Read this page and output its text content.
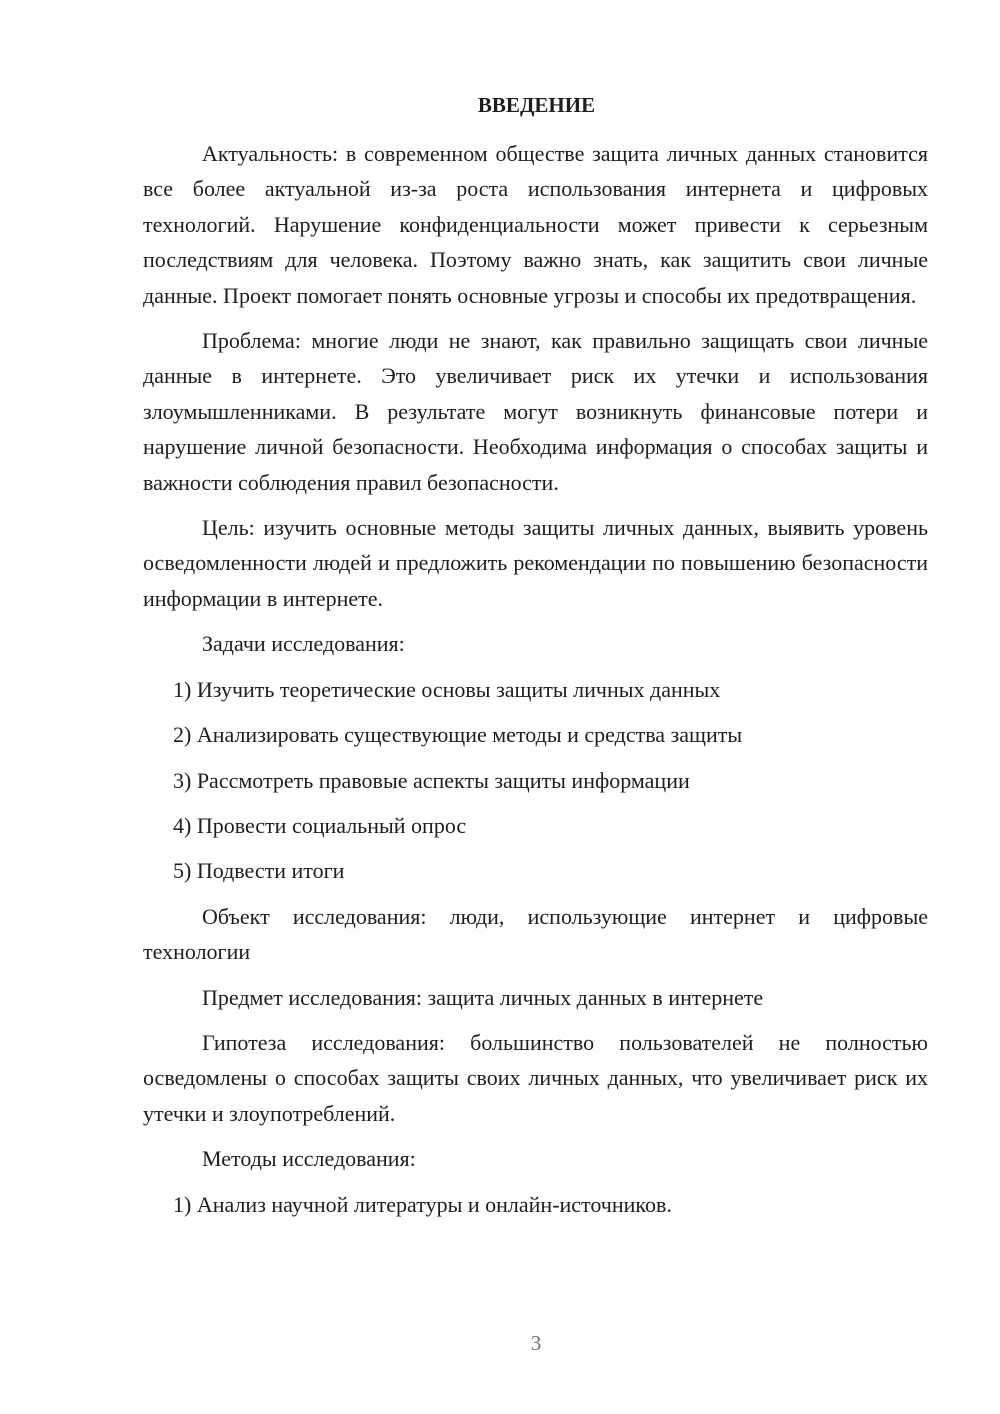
ВВЕДЕНИЕ

Актуальность: в современном обществе защита личных данных становится все более актуальной из-за роста использования интернета и цифровых технологий. Нарушение конфиденциальности может привести к серьезным последствиям для человека. Поэтому важно знать, как защитить свои личные данные. Проект помогает понять основные угрозы и способы их предотвращения.

Проблема: многие люди не знают, как правильно защищать свои личные данные в интернете. Это увеличивает риск их утечки и использования злоумышленниками. В результате могут возникнуть финансовые потери и нарушение личной безопасности. Необходима информация о способах защиты и важности соблюдения правил безопасности.

Цель: изучить основные методы защиты личных данных, выявить уровень осведомленности людей и предложить рекомендации по повышению безопасности информации в интернете.

Задачи исследования:

1) Изучить теоретические основы защиты личных данных
2) Анализировать существующие методы и средства защиты
3) Рассмотреть правовые аспекты защиты информации
4) Провести социальный опрос
5) Подвести итоги

Объект исследования: люди, использующие интернет и цифровые технологии

Предмет исследования: защита личных данных в интернете

Гипотеза исследования: большинство пользователей не полностью осведомлены о способах защиты своих личных данных, что увеличивает риск их утечки и злоупотреблений.

Методы исследования:

1) Анализ научной литературы и онлайн-источников.
3
